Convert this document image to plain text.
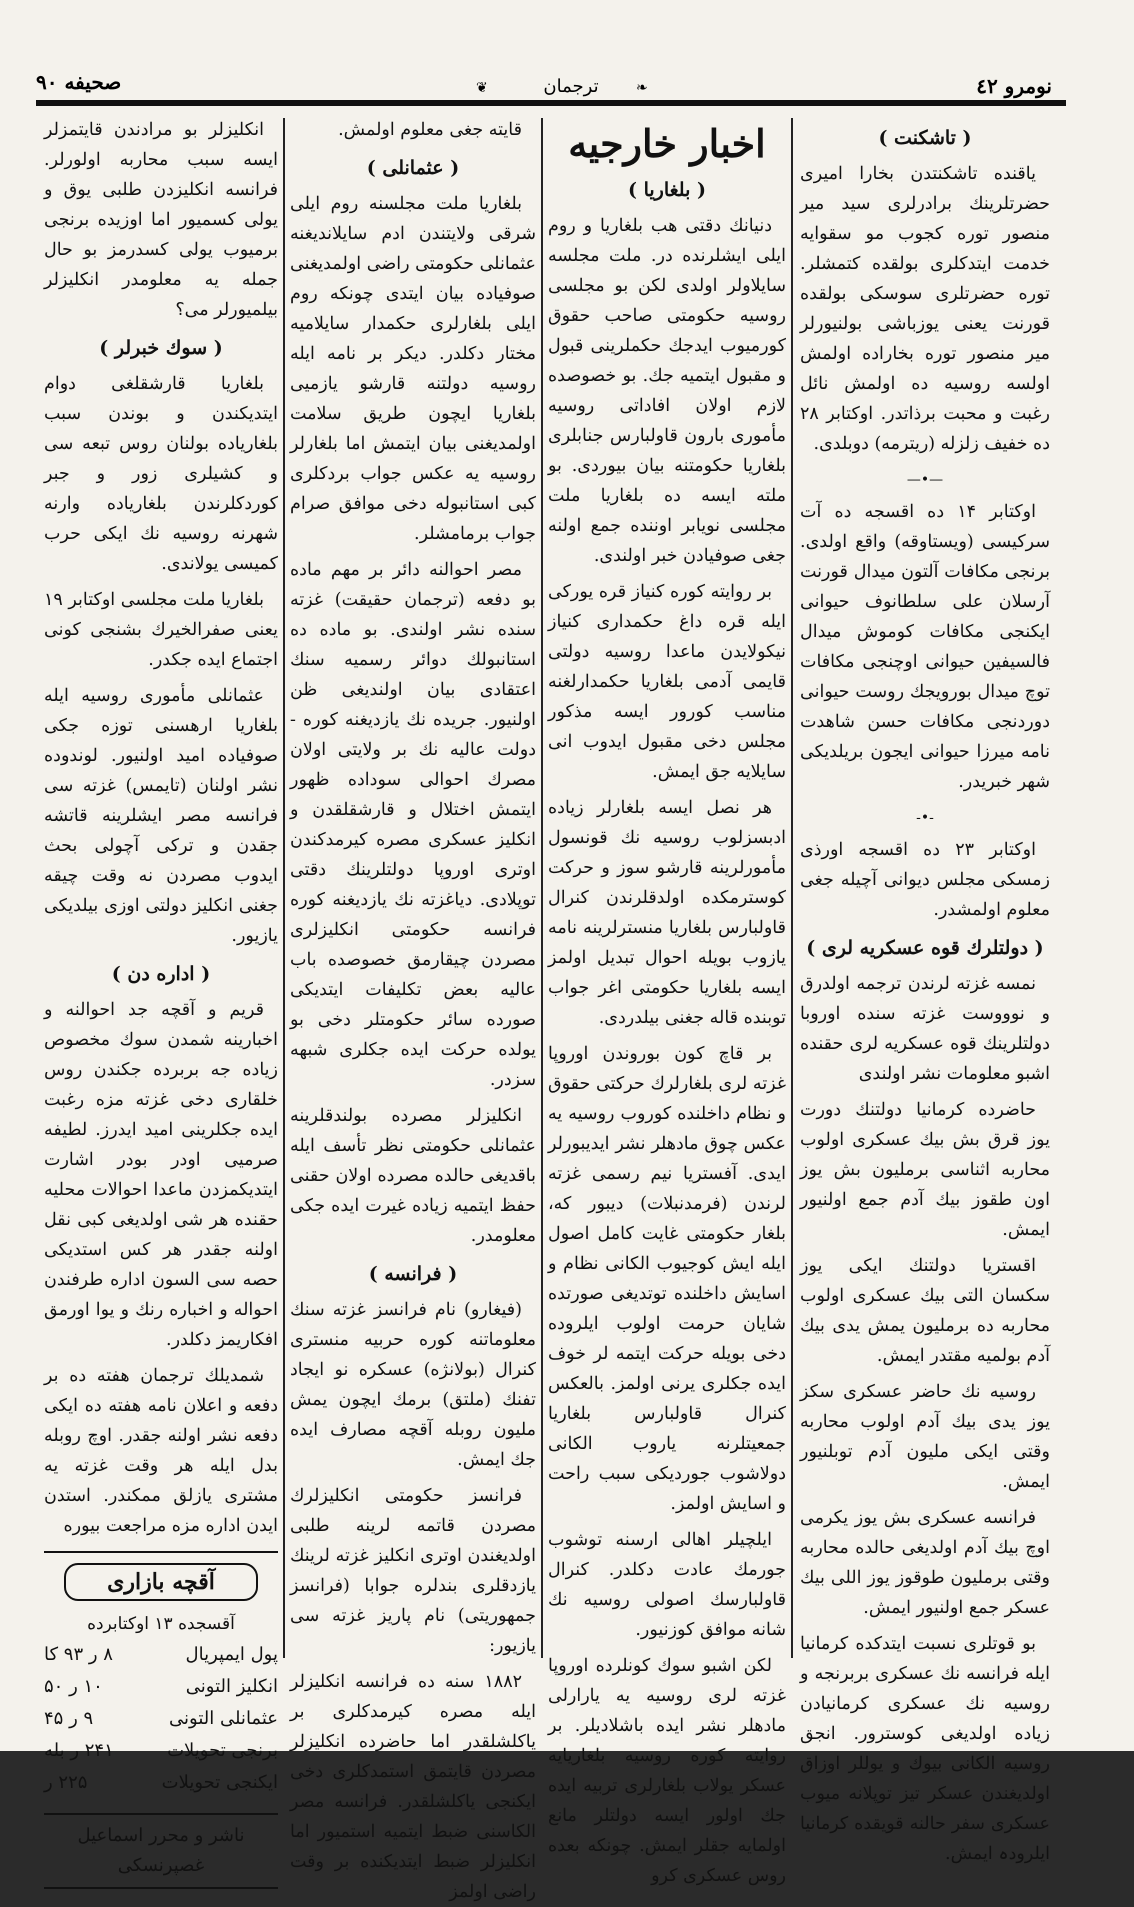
صحیفه ۹۰	❦	ترجمان	❧	نومرو ٤٢
( تاشکنت )

یاقنده تاشکنتدن بخارا امیری حضرتلرینك برادرلری سید میر منصور توره کجوب مو سقوایه خدمت ایتدکلری بولقده کتمشلر. توره حضرتلری سوسکی بولقده قورنت یعنی یوزباشی بولنیورلر میر منصور توره بخاراده اولمش اولسه روسیه ده اولمش نائل رغبت و محبت برذاتدر. اوکتابر ۲۸ ده خفیف زلزله (ریترمه) دوبلدی.

—•—

اوکتابر ۱۴ ده اقسجه ده آت سرکیسی (ویستاوقه) واقع اولدی. برنجی مکافات آلتون میدال قورنت آرسلان علی سلطانوف حیوانی ایکنجی مکافات کوموش میدال فالسیفین حیوانی اوچنجی مکافات توچ میدال بورویجك روست حیوانی دوردنجی مکافات حسن شاهدت نامه میرزا حیوانی ایجون بریلدیکی شهر خبریدر.

-•-

اوکتابر ۲۳ ده اقسجه اورذی زمسکی مجلس دیوانی آچیله جغی معلوم اولمشدر.

( دولتلرك قوه عسکریه لری )

نمسه غزته لرندن ترجمه اولدرق و نوووست غزته سنده اوروبا دولتلرینك قوه عسکریه لری حقنده اشبو معلومات نشر اولندی

حاضرده کرمانیا دولتنك دورت یوز قرق بش بیك عسکری اولوب محاربه اثناسی برملیون بش یوز اون طقوز بیك آدم جمع اولنیور ایمش.

اقستریا دولتنك ایکی یوز سکسان التی بیك عسکری اولوب محاربه ده برملیون یمش یدی بیك آدم بولمیه مقتدر ایمش.

روسیه نك حاضر عسکری سکز یوز یدی بیك آدم اولوب محاربه وقتی ایکی ملیون آدم توبلنیور ایمش.

فرانسه عسکری بش یوز یکرمی اوچ بیك آدم اولدیغی حالده محاربه وقتی برملیون طوقوز یوز اللی بیك عسکر جمع اولنیور ایمش.

بو قوتلری نسبت ایتدکده کرمانیا ایله فرانسه نك عسکری بربرنجه و روسیه نك عسکری کرمانیادن زیاده اولدیغی کوسترور. انجق روسیه الکانی بیوك و یوللر اوزاق اولدیغندن عسکر تیز توپلانه میوب عسکری سفر حالنه قویقده کرمانیا ایلرودہ ایمش.

اخبار خارجیه
( بلغاریا )

دنیانك دقتی هب بلغاریا و روم ایلی ایشلرنده در. ملت مجلسه سایلاولر اولدی لکن بو مجلسی روسیه حکومتی صاحب حقوق کورمیوب ایدجك حکملرینی قبول و مقبول ایتمیه جك. بو خصوصده لازم اولان افاداتی روسیه مأموری بارون قاولبارس جنابلری بلغاریا حکومتنه بیان بیوردی. بو ملته ایسه ده بلغاریا ملت مجلسی نویابر اوننده جمع اولنه جغی صوفیادن خبر اولندی.

بر روایته کوره کنیاز قره یورکی ایله قره داغ حکمداری کنیاز نیکولایدن ماعدا روسیه دولتی قایمی آدمی بلغاریا حکمدارلغنه مناسب کورور ایسه مذکور مجلس دخی مقبول ایدوب انی سایلایه جق ایمش.

هر نصل ایسه بلغارلر زیاده ادبسزلوب روسیه نك قونسول مأمورلرینه قارشو سوز و حرکت کوسترمکده اولدقلرندن کنرال قاولبارس بلغاریا منسترلرینه نامه یازوب بویله احوال تبدیل اولمز ایسه بلغاریا حکومتی اغر جواب توبنده قاله جغنی بیلدردی.

بر قاچ کون بوروندن اوروپا غزته لری بلغارلرك حرکتی حقوق و نظام داخلنده کوروب روسیه یه عکس چوق مادهلر نشر ایدیبورلر ایدی. آفستریا نیم رسمی غزته لرندن (فرمدنبلات) دیبور که، بلغار حکومتی غایت کامل اصول ایله ایش کوجیوب الکانی نظام و اسایش داخلنده توتدیغی صورتده شایان حرمت اولوب ایلروده دخی بویله حرکت ایتمه لر خوف ایده جکلری یرنی اولمز. بالعکس کنرال قاولبارس بلغاریا جمعیتلرنه یاروب الکانی دولاشوب جوردیکی سبب راحت و اسایش اولمز.

ایلچیلر اهالی ارسنه توشوب جورمك عادت دکلدر. کنرال قاولبارسك اصولی روسیه نك شانه موافق کوزنیور.

لکن اشبو سوك کونلرده اوروپا غزته لری روسیه یه یارارلی مادهلر نشر ایده باشلادیلر. بر روایته کوره روسیه بلغاریایه عسکر یولاب بلغارلری تربیه ایده جك اولور ایسه دولتلر مانع اولمایه جقلر ایمش. چونکه بعده روس عسکری کرو

قایته جغی معلوم اولمش.

( عثمانلی )

بلغاریا ملت مجلسنه روم ایلی شرقی ولایتندن ادم سایلاندیغنه عثمانلی حکومتی راضی اولمدیغنی صوفیاده بیان ایتدی چونکه روم ایلی بلغارلری حکمدار سایلامیه مختار دکلدر. دیکر بر نامه ایله روسیه دولتنه قارشو یازمیی بلغاریا ایچون طریق سلامت اولمدیغنی بیان ایتمش اما بلغارلر روسیه یه عکس جواب بردکلری کبی استانبوله دخی موافق صرام جواب برمامشلر.

مصر احوالنه دائر بر مهم ماده بو دفعه (ترجمان حقیقت) غزته سنده نشر اولندی. بو ماده ده استانبولك دوائر رسمیه سنك اعتقادی بیان اولندیغی ظن اولنیور. جریده نك یازدیغنه کوره - دولت عالیه نك بر ولایتی اولان مصرك احوالی سوداده ظهور ایتمش اختلال و قارشقلقدن و انکلیز عسکری مصره کیرمدکندن اوتری اوروپا دولتلرینك دقتی توپلادی. دیاغزته نك یازدیغنه کوره فرانسه حکومتی انکلیزلری مصردن چیقارمق خصوصده باب عالیه بعض تکلیفات ایتدیکی صورده سائر حکومتلر دخی بو یولده حرکت ایده جکلری شبهه سزدر.

انکلیزلر مصرده بولندقلرینه عثمانلی حکومتی نظر تأسف ایله باقدیغی حالده مصرده اولان حقنی حفظ ایتمیه زیاده غیرت ایده جکی معلومدر.

( فرانسه )

(فیغارو) نام فرانسز غزته سنك معلوماتنه کوره حربیه منستری کنرال (بولانژه) عسکره نو ایجاد تفنك (ملتق) برمك ایچون یمش ملیون روبله آقچه مصارف ایده جك ایمش.

فرانسز حکومتی انکلیزلرك مصردن قاتمه لرینه طلبی اولدیغندن اوتری انکلیز غزته لرینك یازدقلری بندلره جوابا (فرانسز جمهوریتی) نام پاریز غزته سی یازیور:

۱۸۸۲ سنه ده فرانسه انکلیزلر ایله مصره کیرمدکلری بر یاکلشلقدر اما حاضرده انکلیزلر مصردن قایتمق استمدکلری دخی ایکنجی یاکلشلقدر. فرانسه مصر الکاسنی ضبط ایتمیه استمیور اما انکلیزلر ضبط ایتدیکنده بر وقت راضی اولمز

انکلیزلر بو مرادندن قایتمزلر ایسه سبب محاربه اولورلر. فرانسه انکلیزدن طلبی یوق و یولی کسمیور اما اوزیده برنجی برمیوب یولی کسدرمز بو حال جمله یه معلومدر انکلیزلر بیلمیورلر می؟

( سوك خبرلر )

بلغاریا قارشقلغی دوام ایتدیکندن و بوندن سبب بلغاریاده بولنان روس تبعه سی و کشیلری زور و جبر کوردکلرندن بلغاریاده وارنه شهرنه روسیه نك ایکی حرب کمیسی یولاندی.

بلغاریا ملت مجلسی اوکتابر ۱۹ یعنی صفرالخیرك بشنجی کونی اجتماع ایده جکدر.

عثمانلی مأموری روسیه ایله بلغاریا ارهسنی توزه جکی صوفیاده امید اولنیور. لوندوده نشر اولنان (تایمس) غزته سی فرانسه مصر ایشلرینه قاتشه جقدن و ترکی آچولی بحث ایدوب مصردن نه وقت چیقه جغنی انکلیز دولتی اوزی بیلدیکی یازیور.

( اداره دن )

قریم و آقچه جد احوالنه و اخبارینه شمدن سوك مخصوص زیاده جه بربرده جکندن روس خلقاری دخی غزته مزه رغبت ایده جکلرینی امید ایدرز. لطیفه صرمیی اودر بودر اشارت ایتدیکمزدن ماعدا احوالات محلیه حقنده هر شی اولدیغی کبی نقل اولنه جقدر هر کس استدیکی حصه سی السون اداره طرفندن احواله و اخباره رنك و یوا اورمق افکاریمز دکلدر.

شمدیلك ترجمان هفته ده بر دفعه و اعلان نامه هفته ده ایکی دفعه نشر اولنه جقدر. اوچ روبله بدل ایله هر وقت غزته یه مشتری یازلق ممکندر. استدن ایدن اداره مزه مراجعت بیوره

آقچه بازاری
آقسجده ۱۳ اوکتابرده
پول ایمپریال
۸ ر ۹۳ کا
انکلیز التونی
۱۰ ر ۵۰
عثمانلی التونی
۹ ر ۴۵
برنجی تحویلات
۲۴۱ ر بله
ایکنجی تحویلات
۲۲۵ ر
ناشر و محرر اسماعیل غصپرنسکی
